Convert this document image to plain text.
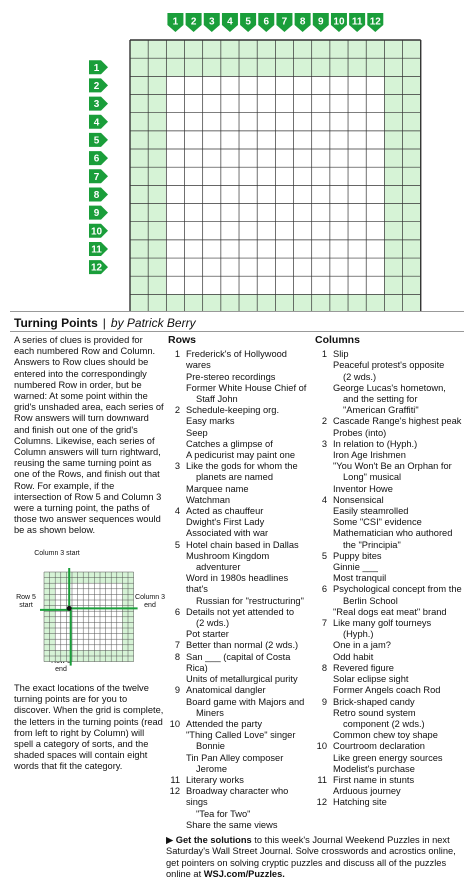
1 2 3 4 5 6 7 8 9 10 11 12
1
2
3
4
5
6
7
8
9
10
11
12
Turning Points | by Patrick Berry

A series of clues is provided for each numbered Row and Column. Answers to Row clues should be entered into the correspondingly numbered Row in order, but be warned: At some point within the grid's unshaded area, each series of Row answers will turn downward and finish out one of the grid's Columns. Likewise, each series of Column answers will turn rightward, reusing the same turning point as one of the Rows, and finish out that Row. For example, if the intersection of Row 5 and Column 3 were a turning point, the paths of those two answer sequences would be as shown below.

Column 3 start
Row 5 start
Column 3 end
end

The exact locations of the twelve turning points are for you to discover. When the grid is complete, the letters in the turning points (read from left to right by Column) will spell a category of sorts, and the shaded spaces will contain eight words that fit the category.

Rows
1 Frederick's of Hollywood wares
Pre-stereo recordings
Former White House Chief of
Staff John
2 Schedule-keeping org.
Easy marks
Seep
Catches a glimpse of
A pedicurist may paint one
3 Like the gods for whom the
planets are named
Marquee name
Watchman
4 Acted as chauffeur
Dwight's First Lady
Associated with war
5 Hotel chain based in Dallas
Mushroom Kingdom
adventurer
Word in 1980s headlines that's
Russian for "restructuring"
6 Details not yet attended to
(2 wds.)
Pot starter
7 Better than normal (2 wds.)
8 San ___ (capital of Costa Rica)
Units of metallurgical purity
9 Anatomical dangler
Board game with Majors and
Miners
10 Attended the party
"Thing Called Love" singer
Bonnie
Tin Pan Alley composer
Jerome
11 Literary works
12 Broadway character who sings
"Tea for Two"
Share the same views
Columns
1 Slip
Peaceful protest's opposite
(2 wds.)
George Lucas's hometown,
and the setting for
"American Graffiti"
2 Cascade Range's highest peak
Probes (into)
3 In relation to (Hyph.)
Iron Age Irishmen
"You Won't Be an Orphan for
Long" musical
Inventor Howe
4 Nonsensical
Easily steamrolled
Some "CSI" evidence
Mathematician who authored
the "Principia"
5 Puppy bites
Ginnie ___
Most tranquil
6 Psychological concept from the
Berlin School
"Real dogs eat meat" brand
7 Like many golf tourneys
(Hyph.)
One in a jam?
Odd habit
8 Revered figure
Solar eclipse sight
Former Angels coach Rod
9 Brick-shaped candy
Retro sound system
component (2 wds.)
Common chew toy shape
10 Courtroom declaration
Like green energy sources
Modelist's purchase
11 First name in stunts
Arduous journey
12 Hatching site
▶ Get the solutions to this week's Journal Weekend Puzzles in next Saturday's Wall Street Journal. Solve crosswords and acrostics online, get pointers on solving cryptic puzzles and discuss all of the puzzles online at WSJ.com/Puzzles.
